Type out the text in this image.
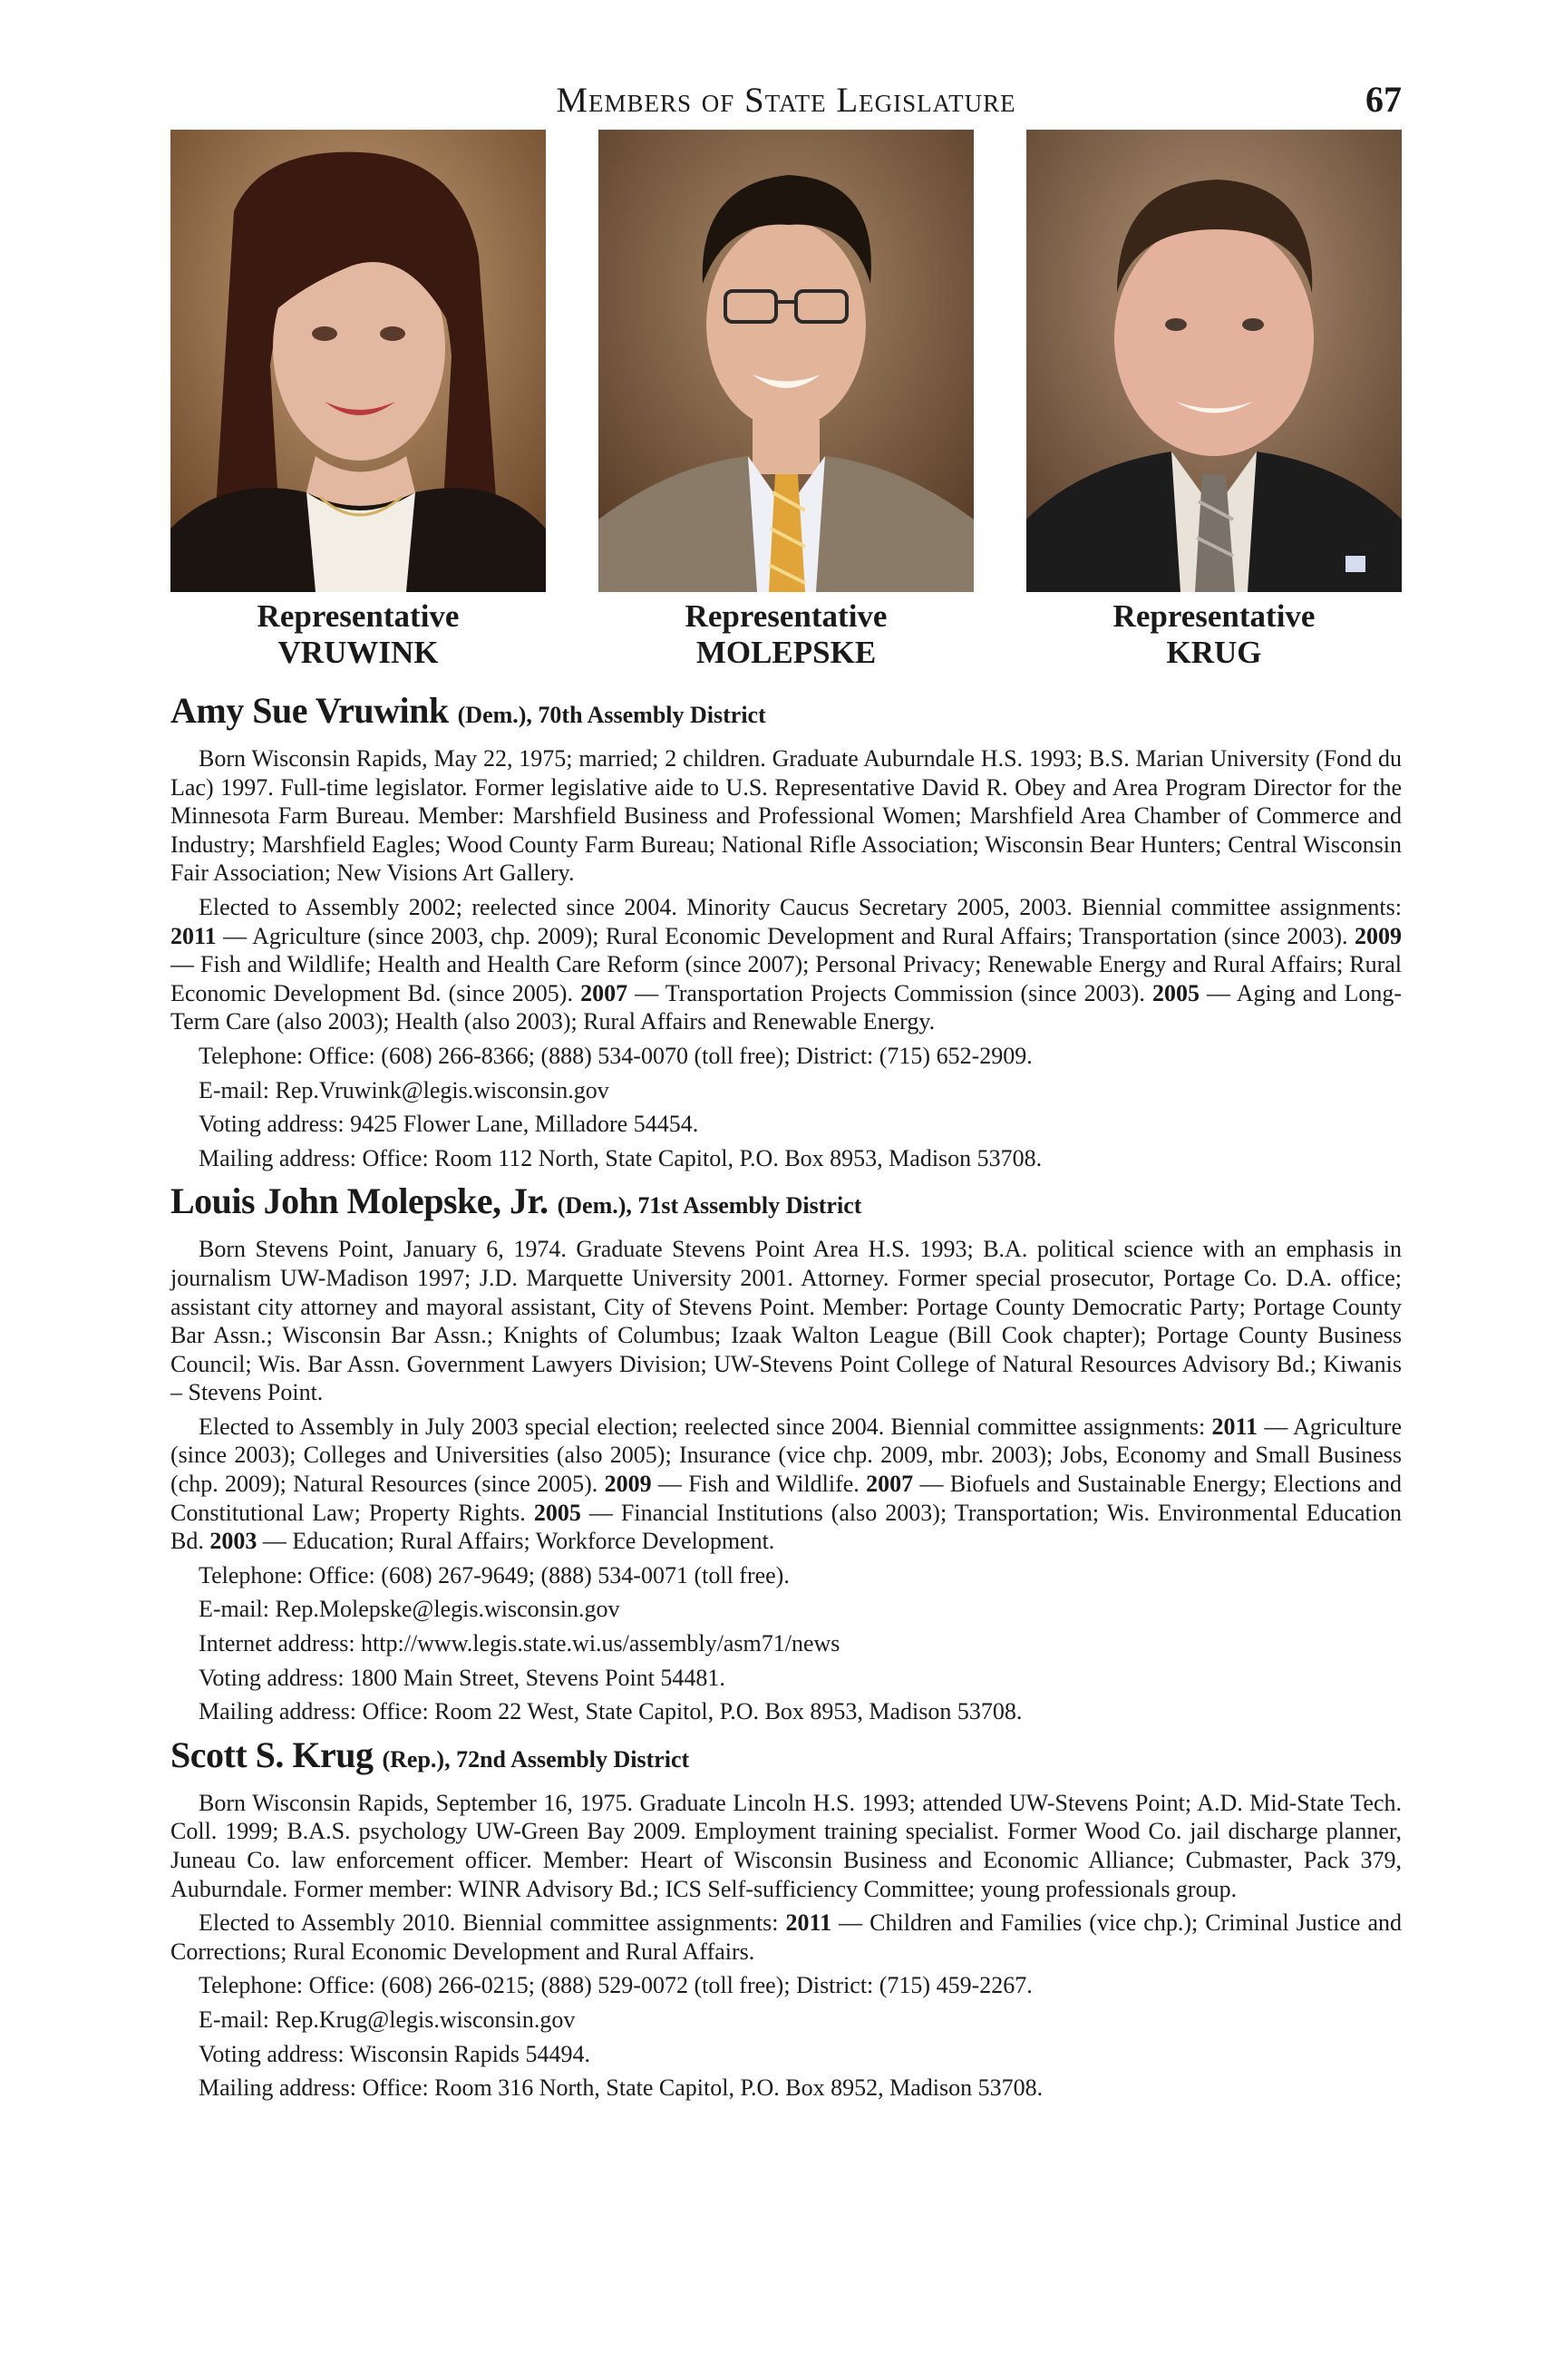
Members of State Legislature	67
Representative
VRUWINK
Representative
MOLEPSKE
Representative
KRUG
Amy Sue Vruwink (Dem.), 70th Assembly District

Born Wisconsin Rapids, May 22, 1975; married; 2 children. Graduate Auburndale H.S. 1993; B.S. Marian University (Fond du Lac) 1997. Full-time legislator. Former legislative aide to U.S. Representative David R. Obey and Area Program Director for the Minnesota Farm Bureau. Member: Marshfield Business and Professional Women; Marshfield Area Chamber of Commerce and Industry; Marshfield Eagles; Wood County Farm Bureau; National Rifle Association; Wisconsin Bear Hunters; Central Wisconsin Fair Association; New Visions Art Gallery.

Elected to Assembly 2002; reelected since 2004. Minority Caucus Secretary 2005, 2003. Biennial committee assignments: 2011 — Agriculture (since 2003, chp. 2009); Rural Economic Development and Rural Affairs; Transportation (since 2003). 2009 — Fish and Wildlife; Health and Health Care Reform (since 2007); Personal Privacy; Renewable Energy and Rural Affairs; Rural Economic Development Bd. (since 2005). 2007 — Transportation Projects Commission (since 2003). 2005 — Aging and Long-Term Care (also 2003); Health (also 2003); Rural Affairs and Renewable Energy.

Telephone: Office: (608) 266-8366; (888) 534-0070 (toll free); District: (715) 652-2909.

E-mail: Rep.Vruwink@legis.wisconsin.gov

Voting address: 9425 Flower Lane, Milladore 54454.

Mailing address: Office: Room 112 North, State Capitol, P.O. Box 8953, Madison 53708.

Louis John Molepske, Jr. (Dem.), 71st Assembly District

Born Stevens Point, January 6, 1974. Graduate Stevens Point Area H.S. 1993; B.A. political science with an emphasis in journalism UW-Madison 1997; J.D. Marquette University 2001. Attorney. Former special prosecutor, Portage Co. D.A. office; assistant city attorney and mayoral assistant, City of Stevens Point. Member: Portage County Democratic Party; Portage County Bar Assn.; Wisconsin Bar Assn.; Knights of Columbus; Izaak Walton League (Bill Cook chapter); Portage County Business Council; Wis. Bar Assn. Government Lawyers Division; UW-Stevens Point College of Natural Resources Advisory Bd.; Kiwanis – Stevens Point.

Elected to Assembly in July 2003 special election; reelected since 2004. Biennial committee assignments: 2011 — Agriculture (since 2003); Colleges and Universities (also 2005); Insurance (vice chp. 2009, mbr. 2003); Jobs, Economy and Small Business (chp. 2009); Natural Resources (since 2005). 2009 — Fish and Wildlife. 2007 — Biofuels and Sustainable Energy; Elections and Constitutional Law; Property Rights. 2005 — Financial Institutions (also 2003); Transportation; Wis. Environmental Education Bd. 2003 — Education; Rural Affairs; Workforce Development.

Telephone: Office: (608) 267-9649; (888) 534-0071 (toll free).

E-mail: Rep.Molepske@legis.wisconsin.gov

Internet address: http://www.legis.state.wi.us/assembly/asm71/news

Voting address: 1800 Main Street, Stevens Point 54481.

Mailing address: Office: Room 22 West, State Capitol, P.O. Box 8953, Madison 53708.

Scott S. Krug (Rep.), 72nd Assembly District

Born Wisconsin Rapids, September 16, 1975. Graduate Lincoln H.S. 1993; attended UW-Stevens Point; A.D. Mid-State Tech. Coll. 1999; B.A.S. psychology UW-Green Bay 2009. Employment training specialist. Former Wood Co. jail discharge planner, Juneau Co. law enforcement officer. Member: Heart of Wisconsin Business and Economic Alliance; Cubmaster, Pack 379, Auburndale. Former member: WINR Advisory Bd.; ICS Self-sufficiency Committee; young professionals group.

Elected to Assembly 2010. Biennial committee assignments: 2011 — Children and Families (vice chp.); Criminal Justice and Corrections; Rural Economic Development and Rural Affairs.

Telephone: Office: (608) 266-0215; (888) 529-0072 (toll free); District: (715) 459-2267.

E-mail: Rep.Krug@legis.wisconsin.gov

Voting address: Wisconsin Rapids 54494.

Mailing address: Office: Room 316 North, State Capitol, P.O. Box 8952, Madison 53708.
